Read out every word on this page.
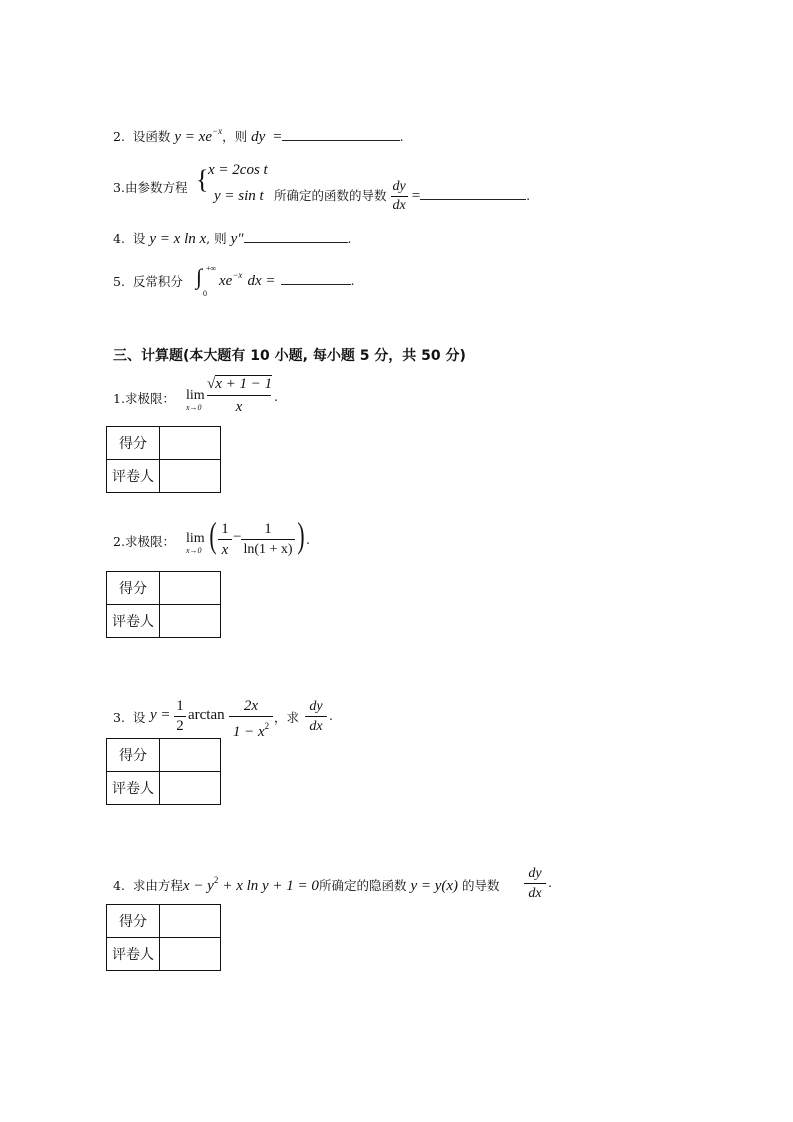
2. 设函数 $y = xe^{-x}$，则 dy =	.
3.由参数方程 { x = 2cos t
y = sin t 所确定的函数的导数 $\frac{dy}{dx}$ =	.
4. 设 y = x ln x, 则 y″	.
5. 反常积分 ∫ +∞
0
$xe^{-x}$ dx =	.
三、计算题(本大题有 10 小题, 每小题 5 分，共 50 分)
1.求极限： lim
x→0
√x + 1 − 1
x
.
得分	
评卷人	
2.求极限： lim
x→0 ( 1
x
−	1
ln(1 + x) ) .
得分	
评卷人	
3. 设 y =
1
2
arctan
2x
$1 - x^2$
，求
dy
dx
.
得分	
评卷人	
4. 求由方程$x - y^2 + x$ ln y + 1 = 0所确定的隐函数 y = y(x) 的导数
dy
dx
.
得分	
评卷人	
